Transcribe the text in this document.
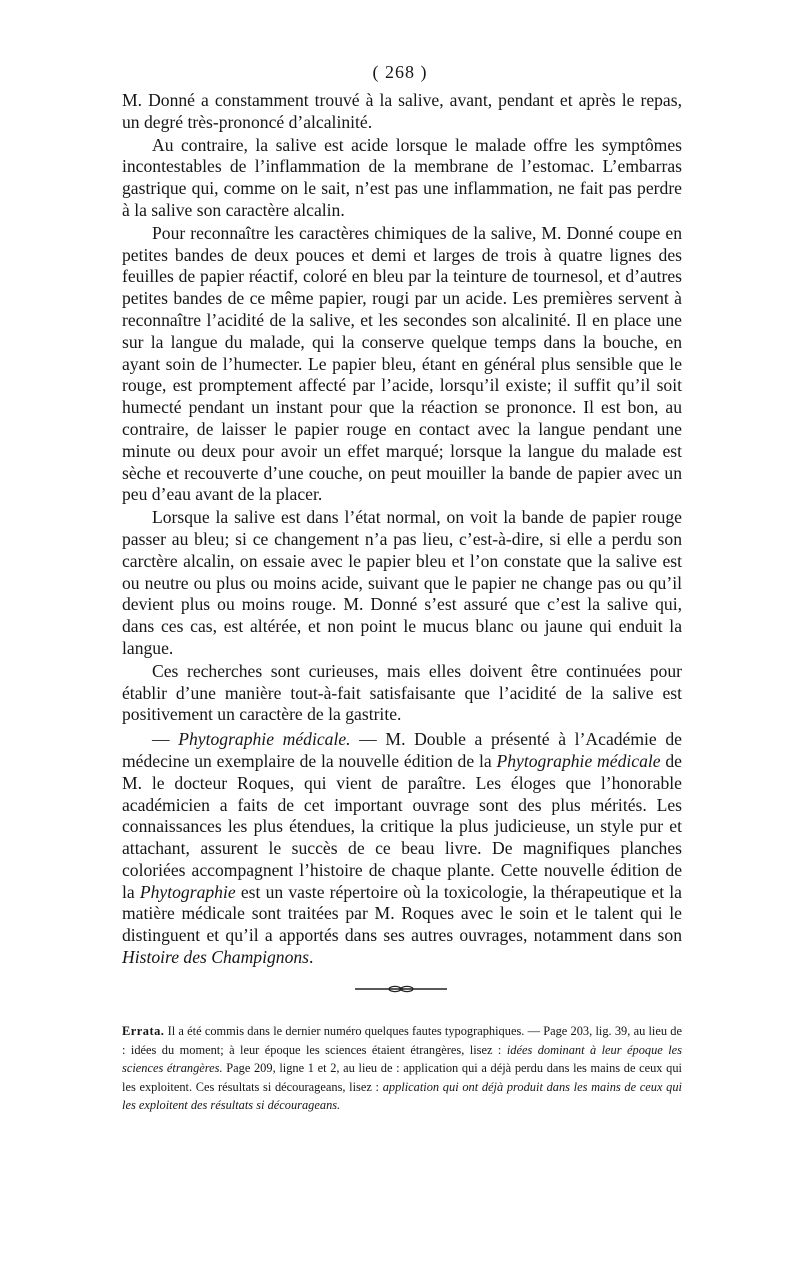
( 268 )

M. Donné a constamment trouvé à la salive, avant, pendant et après le repas, un degré très-prononcé d’alcalinité.

Au contraire, la salive est acide lorsque le malade offre les symptômes incontestables de l’inflammation de la membrane de l’estomac. L’embarras gastrique qui, comme on le sait, n’est pas une inflammation, ne fait pas perdre à la salive son caractère alcalin.

Pour reconnaître les caractères chimiques de la salive, M. Donné coupe en petites bandes de deux pouces et demi et larges de trois à quatre lignes des feuilles de papier réactif, coloré en bleu par la teinture de tournesol, et d’autres petites bandes de ce même papier, rougi par un acide. Les premières servent à reconnaître l’acidité de la salive, et les secondes son alcalinité. Il en place une sur la langue du malade, qui la conserve quelque temps dans la bouche, en ayant soin de l’humecter. Le papier bleu, étant en général plus sensible que le rouge, est promptement affecté par l’acide, lorsqu’il existe; il suffit qu’il soit humecté pendant un instant pour que la réaction se prononce. Il est bon, au contraire, de laisser le papier rouge en contact avec la langue pendant une minute ou deux pour avoir un effet marqué; lorsque la langue du malade est sèche et recouverte d’une couche, on peut mouiller la bande de papier avec un peu d’eau avant de la placer.

Lorsque la salive est dans l’état normal, on voit la bande de papier rouge passer au bleu; si ce changement n’a pas lieu, c’est-à-dire, si elle a perdu son carctère alcalin, on essaie avec le papier bleu et l’on constate que la salive est ou neutre ou plus ou moins acide, suivant que le papier ne change pas ou qu’il devient plus ou moins rouge. M. Donné s’est assuré que c’est la salive qui, dans ces cas, est altérée, et non point le mucus blanc ou jaune qui enduit la langue.

Ces recherches sont curieuses, mais elles doivent être continuées pour établir d’une manière tout-à-fait satisfaisante que l’acidité de la salive est positivement un caractère de la gastrite.

— Phytographie médicale. — M. Double a présenté à l’Académie de médecine un exemplaire de la nouvelle édition de la Phytographie médicale de M. le docteur Roques, qui vient de paraître. Les éloges que l’honorable académicien a faits de cet important ouvrage sont des plus mérités. Les connaissances les plus étendues, la critique la plus judicieuse, un style pur et attachant, assurent le succès de ce beau livre. De magnifiques planches coloriées accompagnent l’histoire de chaque plante. Cette nouvelle édition de la Phytographie est un vaste répertoire où la toxicologie, la thérapeutique et la matière médicale sont traitées par M. Roques avec le soin et le talent qui le distinguent et qu’il a apportés dans ses autres ouvrages, notamment dans son Histoire des Champignons.

Errata. Il a été commis dans le dernier numéro quelques fautes typographiques. — Page 203, lig. 39, au lieu de : idées du moment; à leur époque les sciences étaient étrangères, lisez : idées dominant à leur époque les sciences étrangères. Page 209, ligne 1 et 2, au lieu de : application qui a déjà perdu dans les mains de ceux qui les exploitent. Ces résultats si décourageans, lisez : application qui ont déjà produit dans les mains de ceux qui les exploitent des résultats si décourageans.
